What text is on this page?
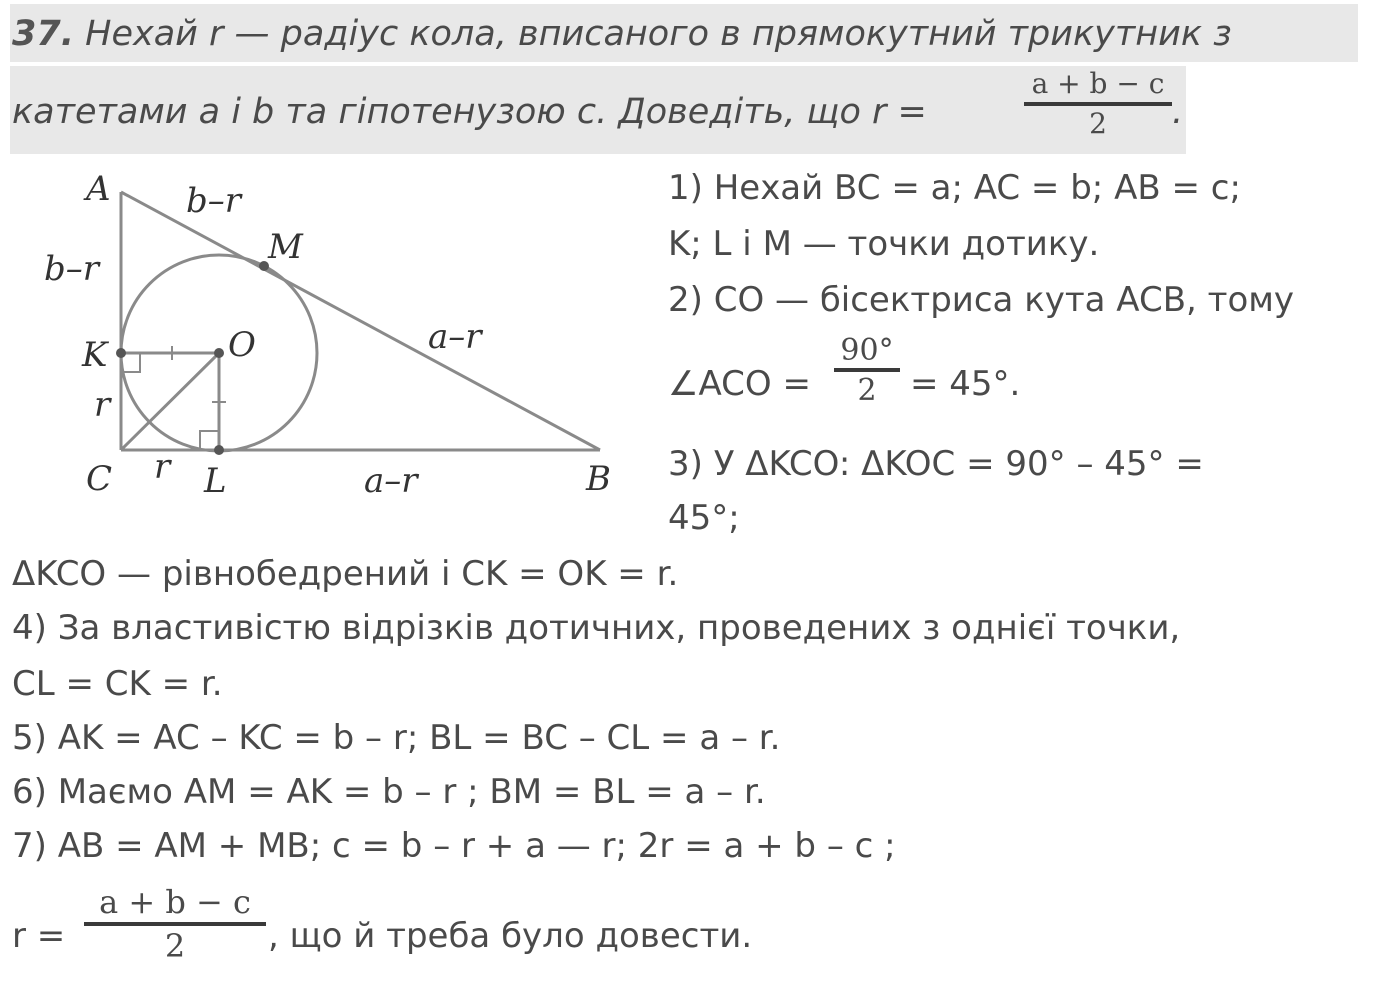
37. Нехай r — радіус кола, вписаного в прямокутний трикутник з
катетами a і b та гіпотенузою c. Доведіть, що r =
a + b − c
2	.
A b–r
M
b–r
K	O	a–r
r
C r L	a–r	B
1) Нехай BC = a; AC = b; AB = c;
K; L і M — точки дотику.
2) CO — бісектриса кута ACB, тому
∠ACO =
90°
2 = 45°.
3) У ΔKCO: ΔKOC = 90° – 45° =
45°;
ΔKCO — рівнобедрений і CK = OK = r.
4) За властивістю відрізків дотичних, проведених з однієї точки,
CL = CK = r.
5) AK = AC – KC = b – r; BL = BC – CL = a – r.
6) Маємо AM = AK = b – r ; BM = BL = a – r.
7) AB = AM + MB; c = b – r + a — r; 2r = a + b – c ;
r =
a + b − c
2	, що й треба було довести.
